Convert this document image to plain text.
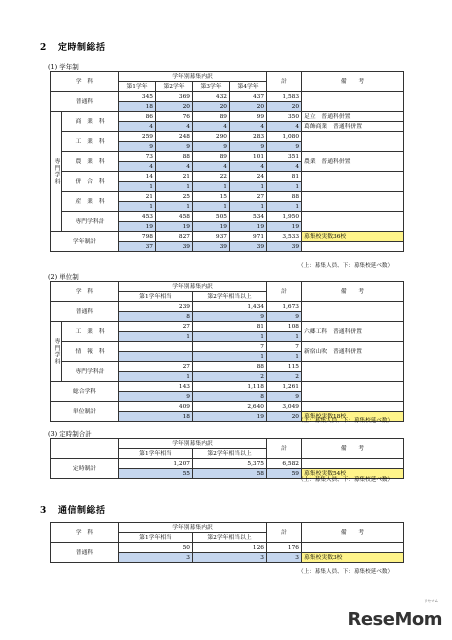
2 定時制総括
(1) 学年制
学　科		学年別募集内訳				計	備　　考
		第1学年	第2学年	第3学年	第4学年		
普通科		345	369	432	437	1,583	
		18	20	20	20	20	
専門学科	商　業　科	86	76	89	99	350	足立　普通科併置
		4	4	4	4	4	葛飾商業　普通科併置
	工　業　科	259	248	290	283	1,080	
		9	9	9	9	9	
	農　業　科	73	88	89	101	351	農業　普通科併置
		4	4	4	4	4	
	併　合　科	14	21	22	24	81	
		1	1	1	1	1	
	産　業　科	21	25	15	27	88	
		1	1	1	1	1	
	専門学科計	453	458	505	534	1,950	
		19	19	19	19	19	
学年制計		798	827	937	971	3,533	募集校実数36校
		37	39	39	39	39	
（上：募集人員、下：募集校延べ数）
(2) 単位制
学　科		学年別募集内訳		計	備　　考
		第1学年相当	第2学年相当以上		
普通科		239	1,434	1,673	
		8	9	9	
専門学科	工　業　科	27	81	108	六郷工科　普通科併置
		1	1	1	
	情　報　科		7	7	新宿山吹　普通科併置
			1	1	
	専門学科計	27	88	115	
		1	2	2	
総合学科		143	1,118	1,261	
		9	8	9	
単位制計		409	2,640	3,049	
		18	19	20	募集校実数18校
（上：募集人員、下：募集校延べ数）
(3) 定時制合計
	学年別募集内訳		計	備　　考
	第1学年相当	第2学年相当以上		
定時制計	1,207	5,375	6,582	
	55	58	59	募集校実数54校
（上：募集人員、下：募集校延べ数）
3 通信制総括
学　科	学年別募集内訳		計	備　　考
	第1学年相当	第2学年相当以上		
普通科	50	126	176	
	3	3	3	募集校実数3校
（上：募集人員、下：募集校延べ数）
リセマム
ReseMom
